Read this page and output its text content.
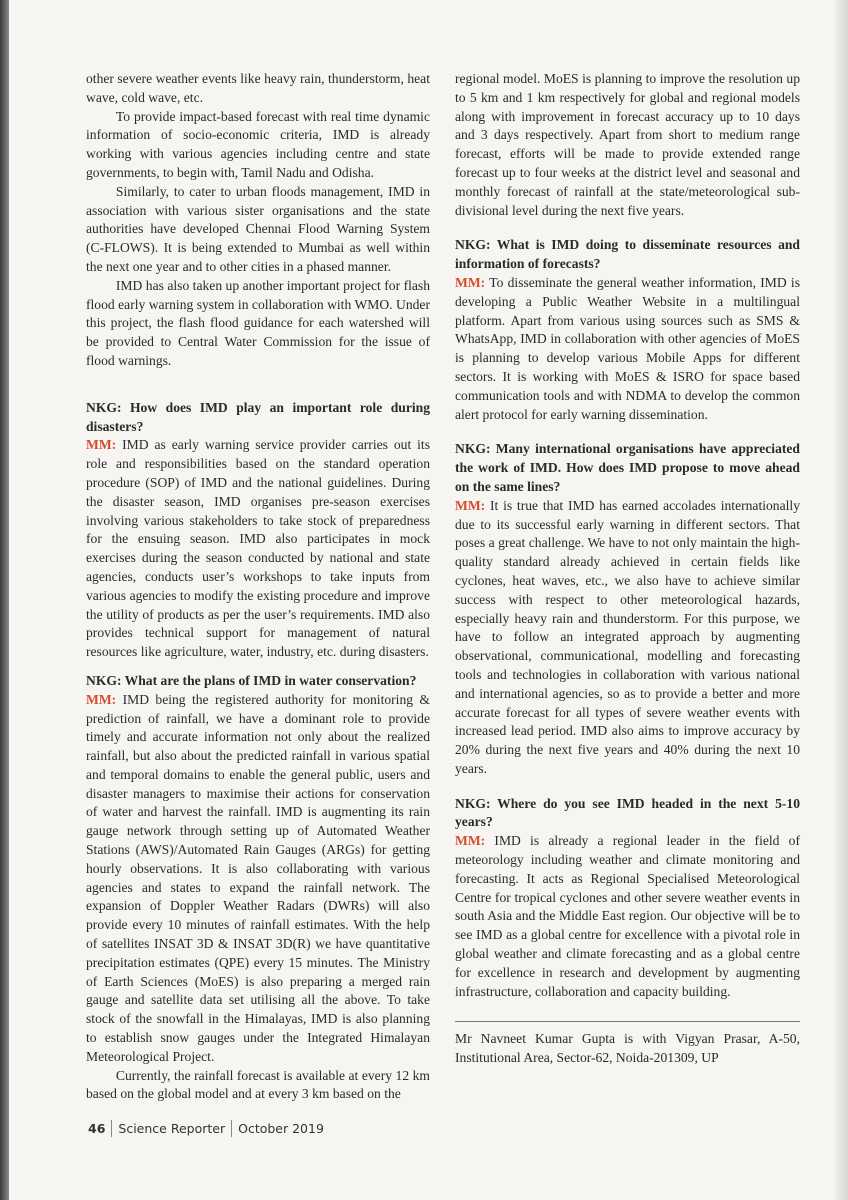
other severe weather events like heavy rain, thunderstorm, heat wave, cold wave, etc.

To provide impact-based forecast with real time dynamic information of socio-economic criteria, IMD is already working with various agencies including centre and state governments, to begin with, Tamil Nadu and Odisha.

Similarly, to cater to urban floods management, IMD in association with various sister organisations and the state authorities have developed Chennai Flood Warning System (C-FLOWS). It is being extended to Mumbai as well within the next one year and to other cities in a phased manner.

IMD has also taken up another important project for flash flood early warning system in collaboration with WMO. Under this project, the flash flood guidance for each watershed will be provided to Central Water Commission for the issue of flood warnings.

NKG: How does IMD play an important role during disasters?

MM: IMD as early warning service provider carries out its role and responsibilities based on the standard operation procedure (SOP) of IMD and the national guidelines. During the disaster season, IMD organises pre-season exercises involving various stakeholders to take stock of preparedness for the ensuing season. IMD also participates in mock exercises during the season conducted by national and state agencies, conducts user’s workshops to take inputs from various agencies to modify the existing procedure and improve the utility of products as per the user’s requirements. IMD also provides technical support for management of natural resources like agriculture, water, industry, etc. during disasters.

NKG: What are the plans of IMD in water conservation?

MM: IMD being the registered authority for monitoring & prediction of rainfall, we have a dominant role to provide timely and accurate information not only about the realized rainfall, but also about the predicted rainfall in various spatial and temporal domains to enable the general public, users and disaster managers to maximise their actions for conservation of water and harvest the rainfall. IMD is augmenting its rain gauge network through setting up of Automated Weather Stations (AWS)/Automated Rain Gauges (ARGs) for getting hourly observations. It is also collaborating with various agencies and states to expand the rainfall network. The expansion of Doppler Weather Radars (DWRs) will also provide every 10 minutes of rainfall estimates. With the help of satellites INSAT 3D & INSAT 3D(R) we have quantitative precipitation estimates (QPE) every 15 minutes. The Ministry of Earth Sciences (MoES) is also preparing a merged rain gauge and satellite data set utilising all the above. To take stock of the snowfall in the Himalayas, IMD is also planning to establish snow gauges under the Integrated Himalayan Meteorological Project.

Currently, the rainfall forecast is available at every 12 km based on the global model and at every 3 km based on the

regional model. MoES is planning to improve the resolution up to 5 km and 1 km respectively for global and regional models along with improvement in forecast accuracy up to 10 days and 3 days respectively. Apart from short to medium range forecast, efforts will be made to provide extended range forecast up to four weeks at the district level and seasonal and monthly forecast of rainfall at the state/meteorological sub-divisional level during the next five years.

NKG: What is IMD doing to disseminate resources and information of forecasts?

MM: To disseminate the general weather information, IMD is developing a Public Weather Website in a multilingual platform. Apart from various using sources such as SMS & WhatsApp, IMD in collaboration with other agencies of MoES is planning to develop various Mobile Apps for different sectors. It is working with MoES & ISRO for space based communication tools and with NDMA to develop the common alert protocol for early warning dissemination.

NKG: Many international organisations have appreciated the work of IMD. How does IMD propose to move ahead on the same lines?

MM: It is true that IMD has earned accolades internationally due to its successful early warning in different sectors. That poses a great challenge. We have to not only maintain the high-quality standard already achieved in certain fields like cyclones, heat waves, etc., we also have to achieve similar success with respect to other meteorological hazards, especially heavy rain and thunderstorm. For this purpose, we have to follow an integrated approach by augmenting observational, communicational, modelling and forecasting tools and technologies in collaboration with various national and international agencies, so as to provide a better and more accurate forecast for all types of severe weather events with increased lead period. IMD also aims to improve accuracy by 20% during the next five years and 40% during the next 10 years.

NKG: Where do you see IMD headed in the next 5-10 years?

MM: IMD is already a regional leader in the field of meteorology including weather and climate monitoring and forecasting. It acts as Regional Specialised Meteorological Centre for tropical cyclones and other severe weather events in south Asia and the Middle East region. Our objective will be to see IMD as a global centre for excellence with a pivotal role in global weather and climate forecasting and as a global centre for excellence in research and development by augmenting infrastructure, collaboration and capacity building.

Mr Navneet Kumar Gupta is with Vigyan Prasar, A-50, Institutional Area, Sector-62, Noida-201309, UP

46 Science Reporter October 2019
